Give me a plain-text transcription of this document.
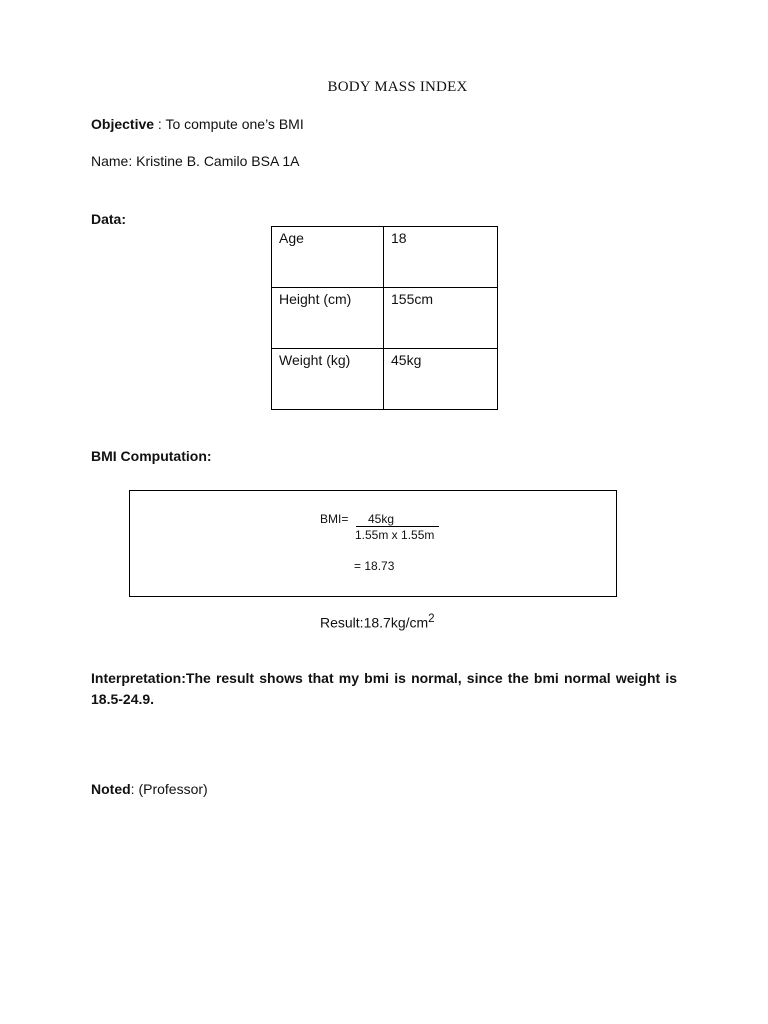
BODY MASS INDEX
Objective : To compute one’s BMI
Name: Kristine B. Camilo BSA 1A
Data:
Age	18
Height (cm)	155cm
Weight (kg)	45kg
BMI Computation:
BMI=	45kg
1.55m x 1.55m
= 18.73
$Result:18.7kg/cm^2$
Interpretation:The result shows that my bmi is normal, since the bmi normal weight is 18.5-24.9.
Noted: (Professor)
